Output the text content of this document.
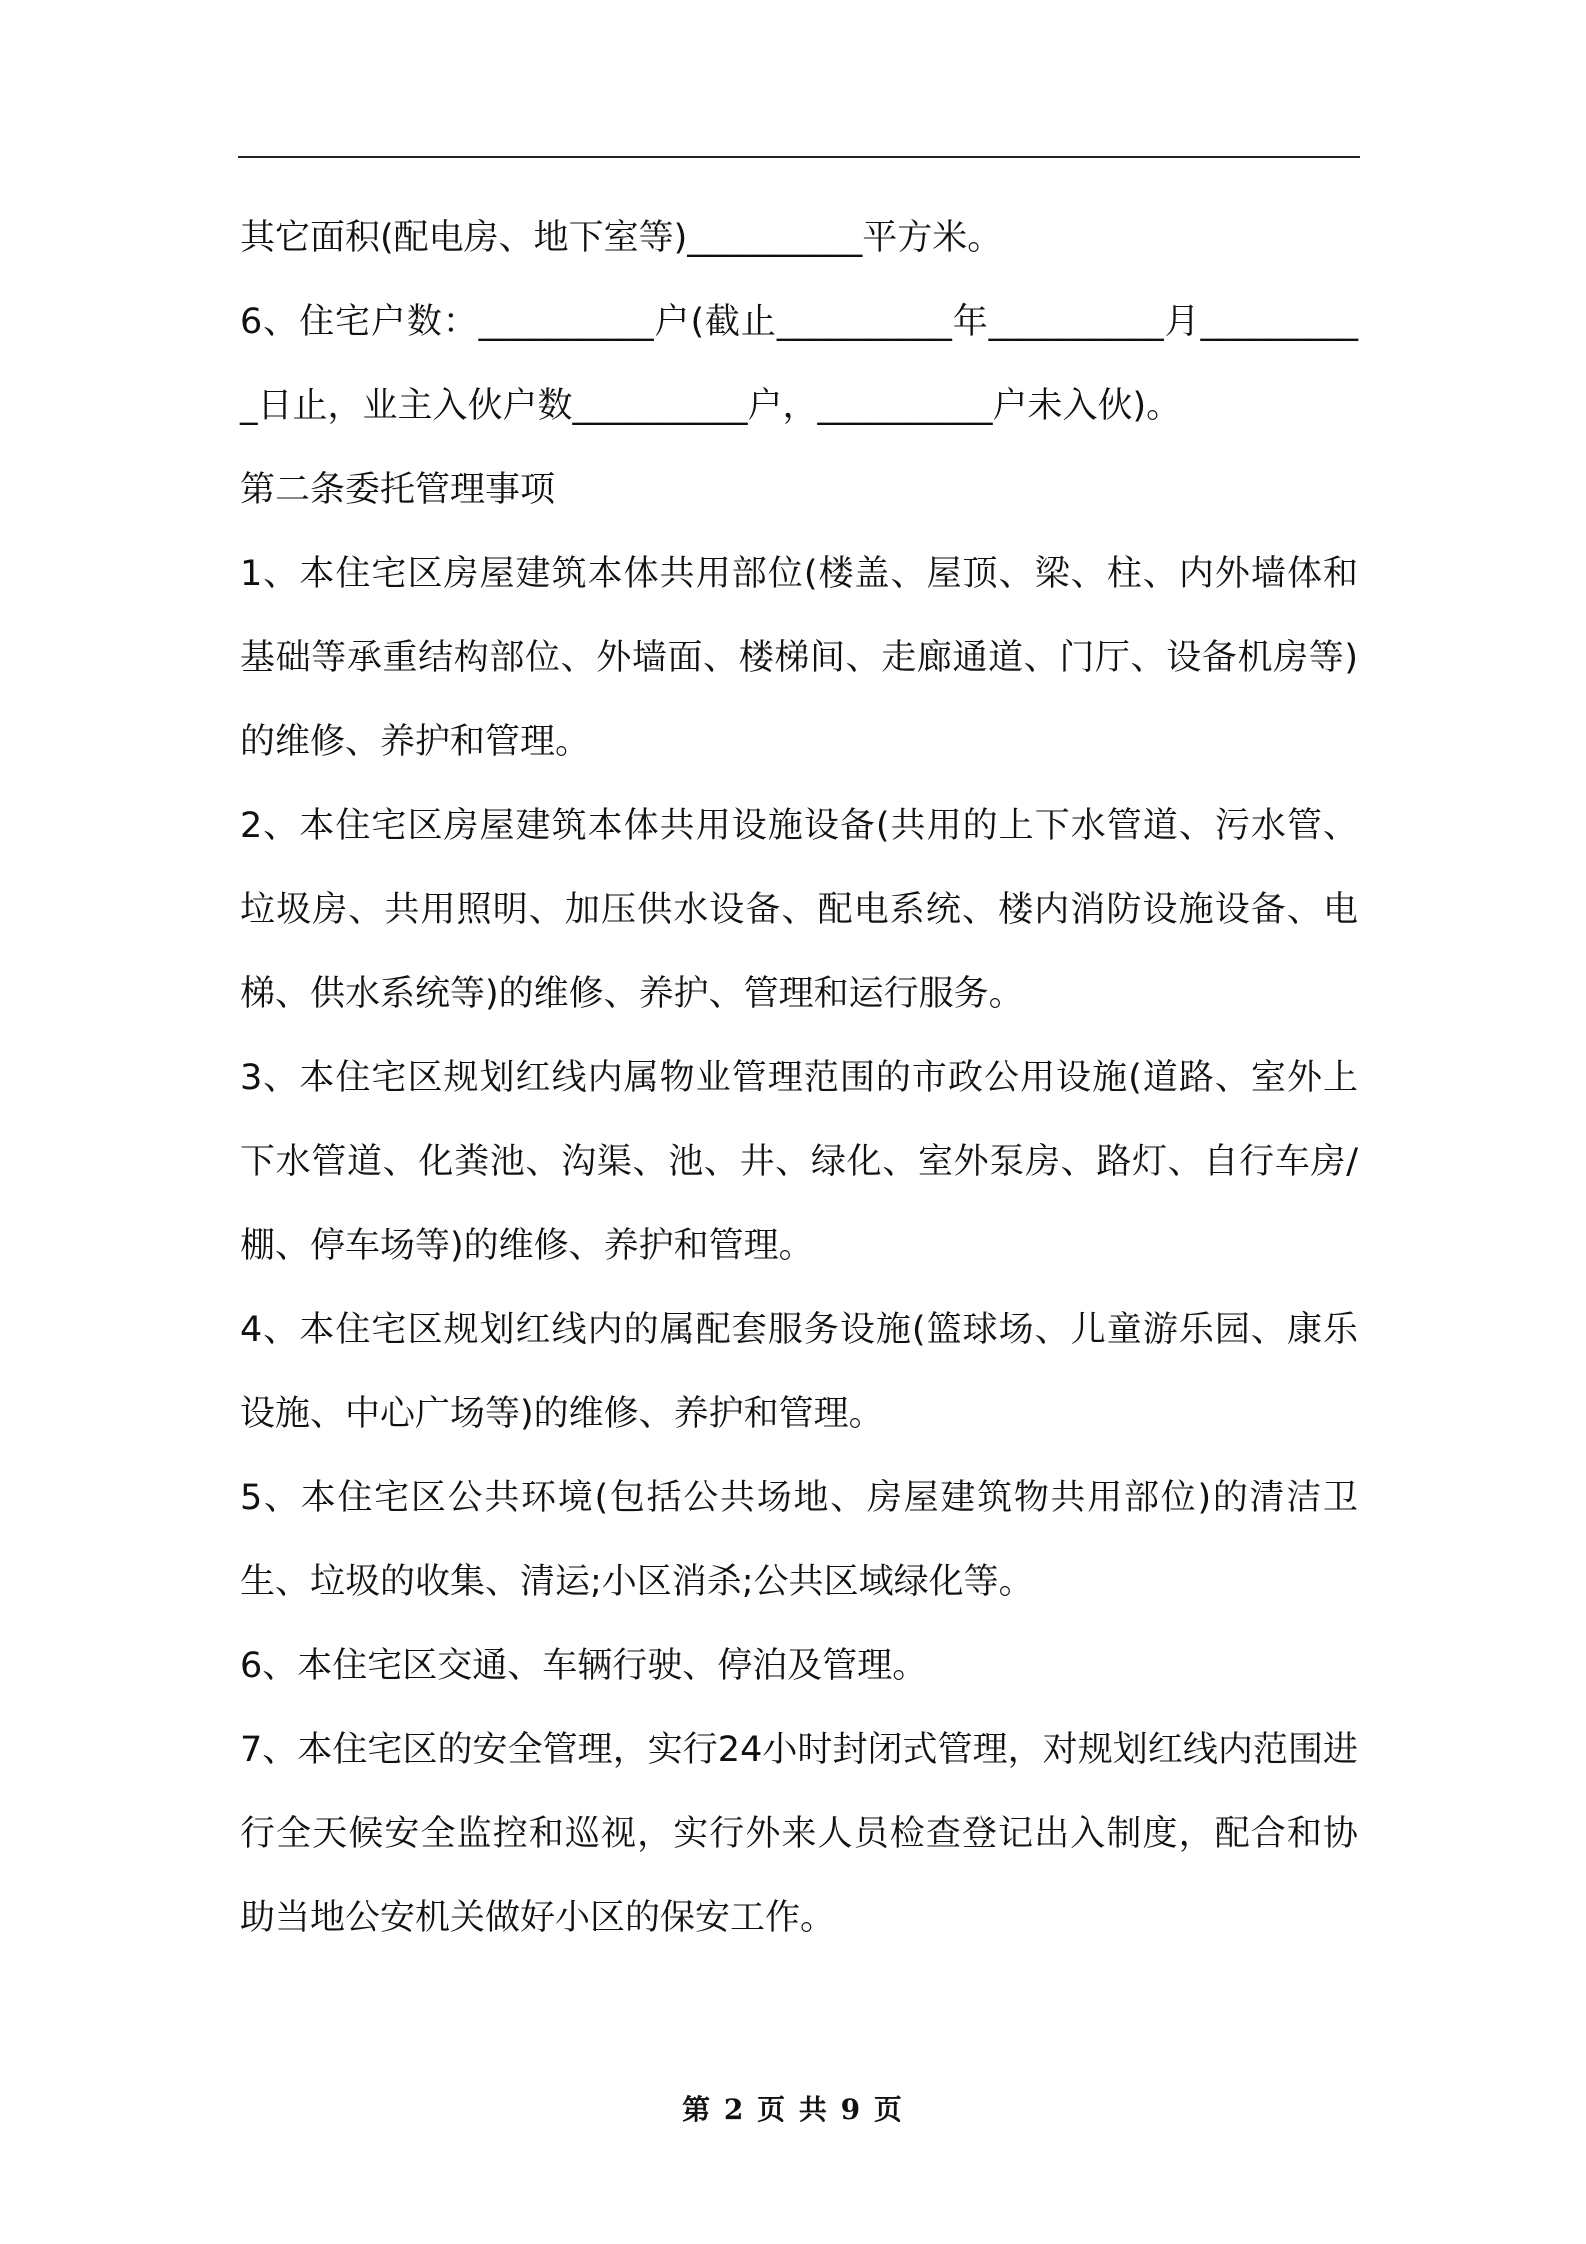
其它面积(配电房、地下室等)__________平方米。

6、住宅户数：__________户(截止__________年__________月__________日止，业主入伙户数__________户，__________户未入伙)。

第二条委托管理事项

1、本住宅区房屋建筑本体共用部位(楼盖、屋顶、梁、柱、内外墙体和基础等承重结构部位、外墙面、楼梯间、走廊通道、门厅、设备机房等)的维修、养护和管理。

2、本住宅区房屋建筑本体共用设施设备(共用的上下水管道、污水管、垃圾房、共用照明、加压供水设备、配电系统、楼内消防设施设备、电梯、供水系统等)的维修、养护、管理和运行服务。

3、本住宅区规划红线内属物业管理范围的市政公用设施(道路、室外上下水管道、化粪池、沟渠、池、井、绿化、室外泵房、路灯、自行车房/棚、停车场等)的维修、养护和管理。

4、本住宅区规划红线内的属配套服务设施(篮球场、儿童游乐园、康乐设施、中心广场等)的维修、养护和管理。

5、本住宅区公共环境(包括公共场地、房屋建筑物共用部位)的清洁卫生、垃圾的收集、清运;小区消杀;公共区域绿化等。

6、本住宅区交通、车辆行驶、停泊及管理。

7、本住宅区的安全管理，实行24小时封闭式管理，对规划红线内范围进行全天候安全监控和巡视，实行外来人员检查登记出入制度，配合和协助当地公安机关做好小区的保安工作。

第 2 页 共 9 页
